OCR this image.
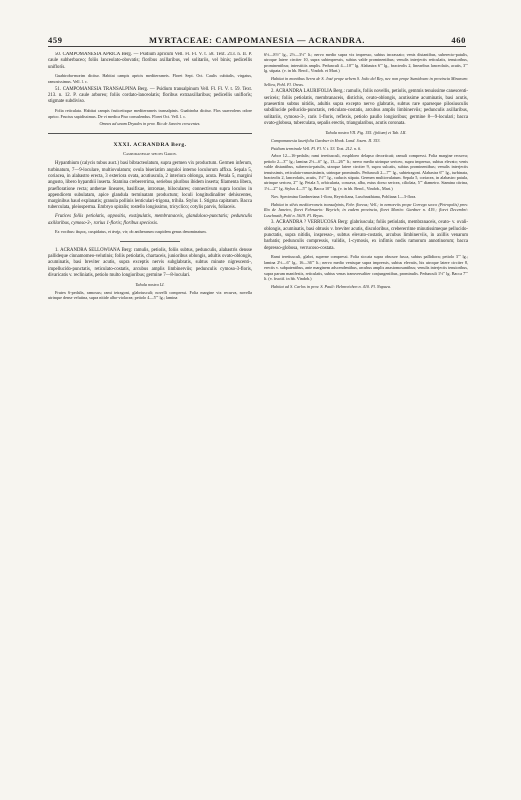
459	MYRTACEAE: CAMPOMANESIA — ACRANDRA.	460

50. CAMPOMANESIA APRICA Berg. — Psidium apricum Vell. Fl. Fl. V. t. 58. Text. 213. n. II. P. caule subherbaceo; foliis lanceolato-obovatis; floribus axillaribus, vel solitariis, vel binis; pedicellis uniflorīs.

Guabiroba-morim dicitur. Habitat campis apricis mediterraneis. Floret Sept. Oct. Caulis cubitalis, virgatus, ramosissimus. Vell. l. c.

51. CAMPOMANESIA TRANSALPINA Berg. — Psidium transalpinum Vell. Fl. Fl. V. t. 59. Text. 213. n. 12. P. caule arboreo; foliis cordato-lanceolatis; floribus extraaxillaribus; pedicellis uniflorīs; stigmate subdiviso.

Folia reticulata. Habitat campis fruticetisque mediterraneis transalpinis. Guabiroba dicitur. Flos suaveolens odore aprico. Fructus sapidissimus. De vi medica Piso consulendus. Floret Oct. Vell. l. c.

Omnes ad unam Dryades in prov. Rio de Janeiro crescentes.

XXXI. ACRANDRA Berg.
Campomanesiae species Gardn.

Hypanthium (calycis tubus auct.) basi bibracteolatum, supra germen vix productum. Germen inferum, turbinatum, 7—9-loculare, multiovulatum; ovula biseriatim anguloi interno loculorum affixa. Sepala 5, coriacea, in alabastro erecta, 3 exteriora ovata, acutiuscula, 2 interiora oblonga, acuta. Petala 5, margini angusto, libero hypanthii inserta. Stamina crebererrima, seriebus pluribus ibidem inserta; filamenta libera, praefloratione recta; antherae lineares, basifixae, introrsae, biloculares; connectivum supra loculos in appendicem subulatam, apice glandula terminatam productum; loculi longitudinaliter dehiscentes, marginibus haud explanatis; granula pollinis lenticulari-trigona, trihila. Stylus 1. Stigma capitatum. Bacca tuberculata, pleiosperma. Embryo spiralis; rostello longissimo, tricyclico; cotylis parvis, foliaceis.

Frutices foliis petiolatis, oppositis, exstipulatis, membranaceis, glanduloso-punctatis; pedunculis axillaribus, cymoso-3-, rarius 1-floris; floribus speciosis.

Ex vocibus: ἄκρος, cuspidatus, et ἀνήρ, vir; ob antherarum cuspidem genus denominatum.

1. ACRANDRA SELLOWIANA Berg: ramulis, petiolis, foliis subtus, pedunculis, alabastris densse pallideque cinnamomeo-velutinis; foliis petiolatis, chartaceis, junioribus oblongis, adultis ovato-oblongis, acuminatis, basi breviter acutis, supra exceptis nervis subglabratis, subtus minute nigrescenti-, impellucido-punctatis, reticulato-costatis, arcubus amplis limbinerviis; pedunculis cymoso-3-floris, divaricatis v. recliniatis, petiolo multo longioribus; germine 7—8-loculari.

Tabula nostra LI.

Frutex 6-pedalis, ramosus; rami tetragoni, glabriusculi; novelli compressi. Folia margine vix recurva, novella utrinque dense velutina, supra nitide albo-violacea; petiolo 4—5′′′ lg.; lamina

6½—8½′′ lg., 2½—3½′′ lt.; nervo medio supra vix impresso, subtus incrassato; venis distantibus, suberecto-patulis, utroque latere circiter 10, supra subimpressis, subtus valde prominentibus; venulis interjectis reticulatis, tenuioribus, prominentibus; interstitiis amplis. Pedunculi 4—10′′′ lg. Alabastra 6′′′ lg., bracteolis 2, linearibus lanceolatis, acutis, 3′′′ lg. stipata. (v. in hb. Berol., Vindob. et Mart.)

Habitat in montibus Serra de S. José prope urbem S. João del Rey, nec non prope Sumidouro in provincia Minarum: Sellow, Pohl. Fl. Oreas.

2. ACRANDRA LAURIFOLIA Berg.: ramulis, foliis novellis, petiolis, gemmis tenuissime canescenti-sericeis; foliis petiolatis, membranaceis, distichis, ovato-oblongis, acutissime acuminatis, basi acutis, praesertim subtus nitidis, adultis supra excepto nervo glabratis, subtus rare sparseque pilosiusculis subdilucide pellucido-punctatis, reticulato-costatis, arcubus amplis limbinerviis; pedunculis axillaribus, solitariis, cymoso-3-, raris 1-floris, reflexis, petiolo paullo longioribus; germine 8—9-loculari; bacca ovato-globosa, tuberculata, sepalis erectis, triangularibus, acutis coronata.

Tabula nostra VII. Fig. 155. (folium) et Tab. LII.

Campomanesia laurifolia Gardner in Hook. Lond. Journ. II. 353.

Psidium terminale Vell. Fl. Fl. V. t. 53. Text. 212. n. 6.

Arbor 12—16-pedalis; rami teretiusculi, exsphloeo delapso decorticati; ramuli compressi. Folia margine recurva; petiolo 2—3′′′ lg.; lamina 2½—6′′ lg., 13—26′′′ lt.; nervo medio utrinque sericeo, supra impresso, subtus elevato; venis valde distantibus, suberecto-patulis, utroque latere circiter 9, supra sulcatis, subtus prominentibus; venulis interjectis tenuissimis, reticulato-ramosissimis, utrinque prominulis. Pedunculi 2—7′′′ lg., subtetragoni. Alabastra 6′′′ lg., turbinata, bracteolis 2, lanceolatis, acutis, 1½′′′ lg., caducis stipata. Germen multiovulatum. Sepala 5, coriacea, in alabastro patula, utrinque sericea, 2′′′ lg. Petala 5, orbicularia, concava, alba, extus dorso sericea, ciliolata, 5′′′ diametro. Stamina citrina, 1½—2′′′ lg. Stylus 4—5′′′ lg. Bacca 10′′′ lg. (v. in hb. Berol., Vindob., Mart.)

Nov. Specimina Gardneriana 1-flora, Reyricliana, Luschnathiana, Pohliana 1—3-flora.

Habitat in silvis mediterraneis transalpinis, Febr. floreus; Vell.; in nemoreiis prope Corrego secco (Petropolis) prov. Rio de Janeiro, floret Februario: Beyrich; in eadem provincia, floret Martio: Gardner n. 419.; floret Decembri: Luschnath, Pohl n. 5619. Fl. Bryas.

3. ACRANDRA ? VERRUCOSA Berg: glabriuscula; foliis petiolatis, membranaceis, ovato- v. ovali-oblongis, acuminatis, basi obtusis v. breviter acutis, discoloribus, crebererrime minutissimeque pellucido-punctatis, supra nitidis, inspresso-, subtus elevato-costatis, arcubus limbinerviis, in axillis venarum barbatis; pedunculis compressis, validis, 1-cymosis, ex infimis nodis ramorum annotinorum; bacca depresso-globosa, verrucoso-costata.

Rami teretiusculi, glabri, superne compressi. Folia siccata supra obscure fusca, subtus pallidiora; petiolo 3′′′ lg.; lamina 2½—6′′ lg., 16—36′′′ lt.; nervo medio venisque supra impressis, subtus elevatis, his utroque latere circiter 8, erectis v. subpatentibus, ante marginem adscendentibus, arcubus amplis anastomosantibus; venulis interjectis tenuioribus, supra parum manifestis, reticulatis, subtus venas transversaliter conjungentibus, prominulis. Pedunculi 1½′′ lg. Bacca 7′′′ lt. (v. fructif. in hb. Vindob.)

Habitat ad S. Carlos in prov. S. Pauli: Helmreichen n. 410. Fl. Napaea.
